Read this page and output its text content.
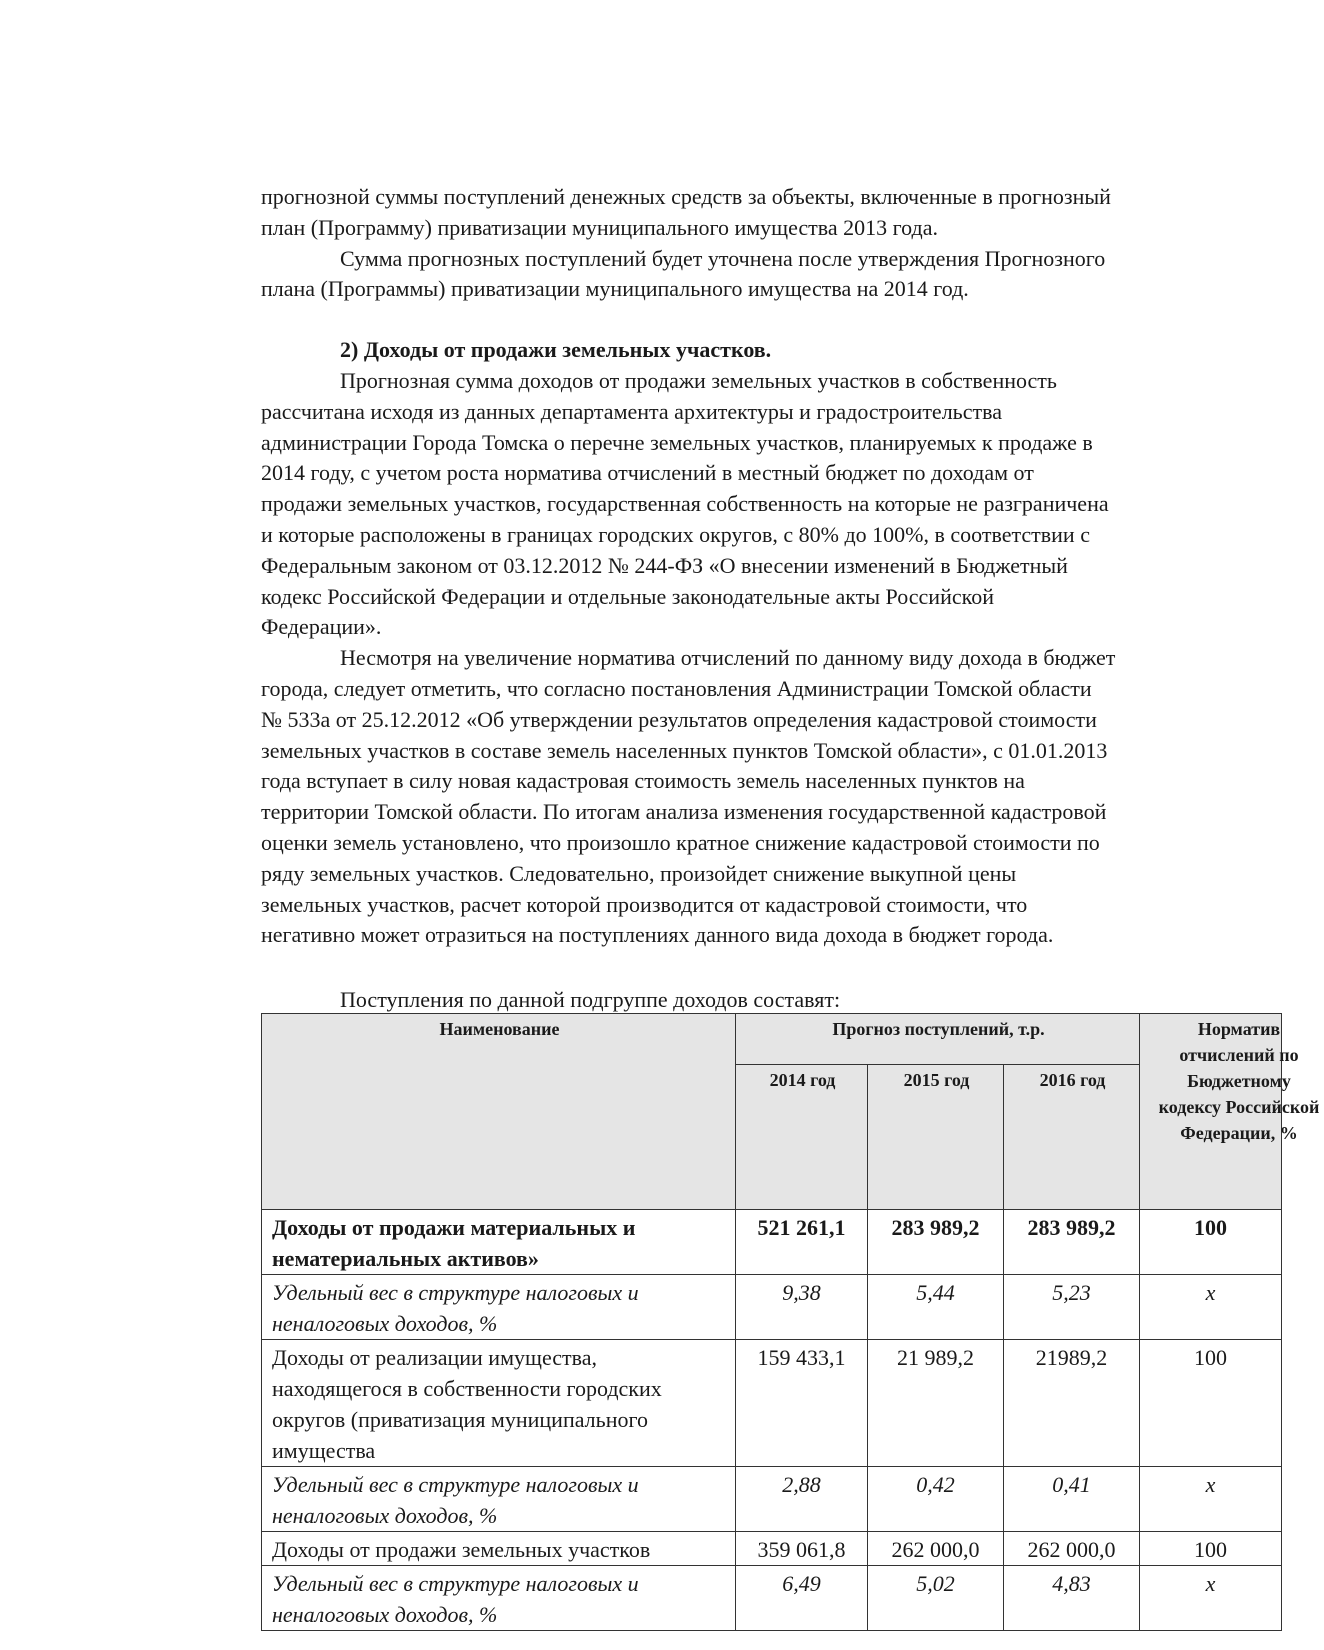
прогнозной суммы поступлений денежных средств за объекты, включенные в прогнозный

план (Программу) приватизации муниципального имущества 2013 года.

Сумма прогнозных поступлений будет уточнена после утверждения Прогнозного

плана (Программы) приватизации муниципального имущества на 2014 год.

2) Доходы от продажи земельных участков.

Прогнозная сумма доходов от продажи земельных участков в собственность

рассчитана исходя из данных департамента архитектуры и градостроительства

администрации Города Томска о перечне земельных участков, планируемых к продаже в

2014 году, с учетом роста норматива отчислений в местный бюджет по доходам от

продажи земельных участков, государственная собственность на которые не разграничена

и которые расположены в границах городских округов, с 80% до 100%, в соответствии с

Федеральным законом от 03.12.2012 № 244-ФЗ «О внесении изменений в Бюджетный

кодекс Российской Федерации и отдельные законодательные акты Российской

Федерации».

Несмотря на увеличение норматива отчислений по данному виду дохода в бюджет

города, следует отметить, что согласно постановления Администрации Томской области

№ 533а от 25.12.2012 «Об утверждении результатов определения кадастровой стоимости

земельных участков в составе земель населенных пунктов Томской области», с 01.01.2013

года вступает в силу новая кадастровая стоимость земель населенных пунктов на

территории Томской области. По итогам анализа изменения государственной кадастровой

оценки земель установлено, что произошло кратное снижение кадастровой стоимости по

ряду земельных участков. Следовательно, произойдет снижение выкупной цены

земельных участков, расчет которой производится от кадастровой стоимости, что

негативно может отразиться на поступлениях данного вида дохода в бюджет города.

Поступления по данной подгруппе доходов составят:

Наименование	Прогноз поступлений, т.р.			Норматив отчислений по Бюджетному кодексу Российской Федерации, %

	2014 год	2015 год	2016 год	
Доходы от продажи материальных и нематериальных активов»	521 261,1	283 989,2	283 989,2	100
Удельный вес в структуре налоговых и неналоговых доходов, %	9,38	5,44	5,23	x
Доходы от реализации имущества, находящегося в собственности городских округов (приватизация муниципального имущества	159 433,1	21 989,2	21989,2	100
Удельный вес в структуре налоговых и неналоговых доходов, %	2,88	0,42	0,41	x
Доходы от продажи земельных участков	359 061,8	262 000,0	262 000,0	100
Удельный вес в структуре налоговых и неналоговых доходов, %	6,49	5,02	4,83	x
